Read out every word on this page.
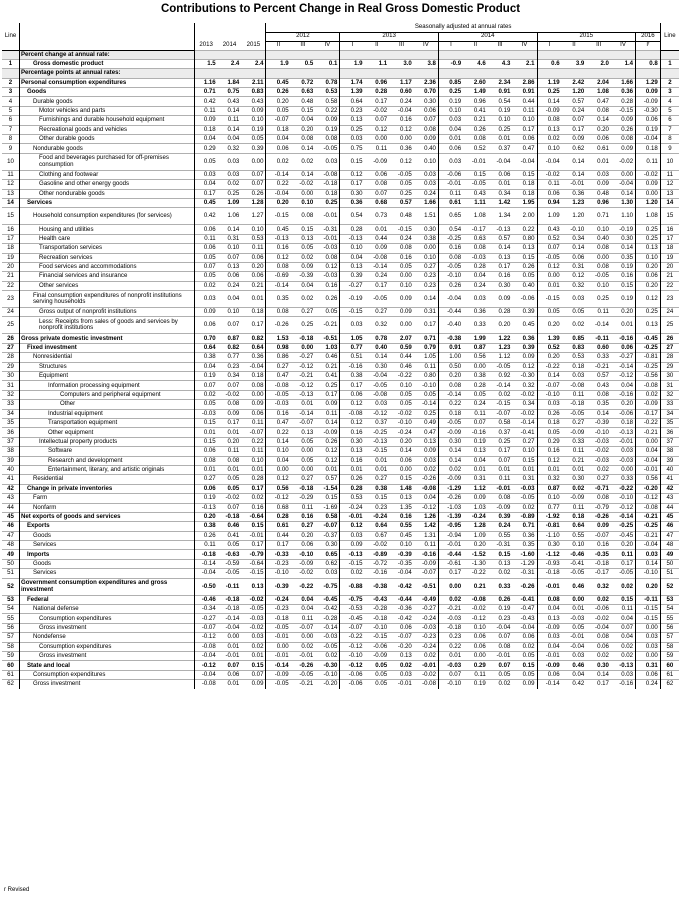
Contributions to Percent Change in Real Gross Domestic Product
Line					Seasonally adjusted at annual rates																Line
					2012			2013				2014				2015				2016	
		2013	2014	2015	II	III	IV	I	II	III	IV	I	II	III	IV	I	II	III	IV	Iʳ	
	Percent change at annual rate:																				
1	Gross domestic product	1.5	2.4	2.4	1.9	0.5	0.1	1.9	1.1	3.0	3.8	-0.9	4.6	4.3	2.1	0.6	3.9	2.0	1.4	0.8	1
	Percentage points at annual rates:																				
2	Personal consumption expenditures	1.16	1.84	2.11	0.45	0.72	0.78	1.74	0.96	1.17	2.36	0.85	2.60	2.34	2.86	1.19	2.42	2.04	1.66	1.29	2
3	Goods	0.71	0.75	0.83	0.26	0.63	0.53	1.39	0.28	0.60	0.70	0.25	1.49	0.91	0.91	0.25	1.20	1.08	0.36	0.09	3
4	Durable goods	0.42	0.43	0.43	0.20	0.48	0.58	0.64	0.17	0.24	0.30	0.19	0.96	0.54	0.44	0.14	0.57	0.47	0.28	-0.09	4
5	Motor vehicles and parts	0.11	0.14	0.09	0.05	0.15	0.22	0.23	-0.02	-0.04	0.06	0.10	0.41	0.19	0.11	-0.09	0.24	0.08	-0.15	-0.30	5
6	Furnishings and durable household equipment	0.09	0.11	0.10	-0.07	0.04	0.09	0.13	0.07	0.16	0.07	0.03	0.21	0.10	0.10	0.08	0.07	0.14	0.09	0.06	6
7	Recreational goods and vehicles	0.18	0.14	0.19	0.18	0.20	0.19	0.25	0.12	0.12	0.08	0.04	0.26	0.25	0.17	0.13	0.17	0.20	0.26	0.19	7
8	Other durable goods	0.04	0.04	0.05	0.04	0.08	0.08	0.03	0.00	0.00	0.09	0.01	0.08	0.01	0.06	0.02	0.09	0.06	0.08	-0.04	8
9	Nondurable goods	0.29	0.32	0.39	0.06	0.14	-0.05	0.75	0.11	0.36	0.40	0.06	0.52	0.37	0.47	0.10	0.62	0.61	0.09	0.18	9
10	Food and beverages purchased for off-premises consumption	0.05	0.03	0.00	0.02	0.02	0.03	0.15	-0.09	0.12	0.10	0.03	-0.01	-0.04	-0.04	-0.04	0.14	0.01	-0.02	0.11	10
11	Clothing and footwear	0.03	0.03	0.07	-0.14	0.14	-0.08	0.12	0.06	-0.05	0.03	-0.06	0.15	0.06	0.15	-0.02	0.14	0.03	0.00	-0.02	11
12	Gasoline and other energy goods	0.04	0.02	0.07	0.22	-0.02	-0.18	0.17	0.08	0.05	0.03	-0.01	-0.05	0.01	0.18	0.11	-0.01	0.09	-0.04	0.09	12
13	Other nondurable goods	0.17	0.25	0.26	-0.04	0.00	0.18	0.30	0.07	0.25	0.24	0.11	0.43	0.34	0.18	0.06	0.36	0.48	0.14	0.00	13
14	Services	0.45	1.09	1.28	0.20	0.10	0.25	0.36	0.68	0.57	1.66	0.61	1.11	1.42	1.95	0.94	1.23	0.96	1.30	1.20	14
15	Household consumption expenditures (for services)	0.42	1.06	1.27	-0.15	0.08	-0.01	0.54	0.73	0.48	1.51	0.65	1.08	1.34	2.00	1.09	1.20	0.71	1.10	1.08	15
16	Housing and utilities	0.06	0.14	0.10	0.45	0.15	-0.31	0.28	0.01	-0.15	0.30	0.54	-0.17	-0.13	0.22	0.43	-0.10	0.10	-0.19	0.25	16
17	Health care	0.11	0.31	0.53	-0.13	0.13	-0.01	-0.13	0.44	0.24	0.38	-0.25	0.63	0.57	0.80	0.52	0.34	0.40	0.30	0.25	17
18	Transportation services	0.06	0.10	0.11	0.16	0.05	-0.03	0.10	0.09	0.08	0.00	0.16	0.08	0.14	0.13	0.07	0.14	0.08	0.14	0.13	18
19	Recreation services	0.05	0.07	0.06	0.12	0.02	0.08	0.04	-0.08	0.16	0.10	0.08	-0.03	0.13	0.15	-0.05	0.06	0.00	0.35	0.10	19
20	Food services and accommodations	0.07	0.13	0.20	0.08	0.09	0.12	0.13	-0.14	0.05	0.27	-0.05	0.28	0.17	0.26	0.12	0.31	0.08	0.19	0.20	20
21	Financial services and insurance	0.05	0.06	0.06	-0.69	-0.39	-0.03	0.39	0.24	0.00	0.23	-0.10	0.04	0.16	0.05	0.00	0.12	-0.05	0.16	0.06	21
22	Other services	0.02	0.24	0.21	-0.14	0.04	0.16	-0.27	0.17	0.10	0.23	0.26	0.24	0.30	0.40	0.01	0.32	0.10	0.15	0.20	22
23	Final consumption expenditures of nonprofit institutions serving households	0.03	0.04	0.01	0.35	0.02	0.26	-0.19	-0.05	0.09	0.14	-0.04	0.03	0.09	-0.06	-0.15	0.03	0.25	0.19	0.12	23
24	Gross output of nonprofit institutions	0.09	0.10	0.18	0.08	0.27	0.05	-0.15	0.27	0.09	0.31	-0.44	0.36	0.28	0.39	0.05	0.05	0.11	0.20	0.25	24
25	Less: Receipts from sales of goods and services by nonprofit institutions	0.06	0.07	0.17	-0.26	0.25	-0.21	0.03	0.32	0.00	0.17	-0.40	0.33	0.20	0.45	0.20	0.02	-0.14	0.01	0.13	25
26	Gross private domestic investment	0.70	0.87	0.82	1.53	-0.18	-0.51	1.05	0.78	2.07	0.71	-0.38	1.99	1.22	0.36	1.39	0.85	-0.11	-0.16	-0.45	26
27	Fixed investment	0.64	0.82	0.64	0.98	0.00	1.03	0.77	0.40	0.59	0.79	0.91	0.87	1.23	0.39	0.52	0.83	0.60	0.06	-0.25	27
28	Nonresidential	0.38	0.77	0.36	0.86	-0.27	0.46	0.51	0.14	0.44	1.05	1.00	0.56	1.12	0.09	0.20	0.53	0.33	-0.27	-0.81	28
29	Structures	0.04	0.23	-0.04	0.27	-0.12	0.21	-0.16	0.30	0.46	0.11	0.50	0.00	-0.05	0.12	-0.22	0.18	-0.21	-0.14	-0.25	29
30	Equipment	0.19	0.34	0.18	0.47	-0.21	0.41	0.38	-0.04	-0.22	0.80	0.20	0.38	0.92	-0.30	0.14	0.03	0.57	-0.12	-0.56	30
31	Information processing equipment	0.07	0.07	0.08	-0.08	-0.12	0.25	0.17	-0.05	0.10	-0.10	0.08	0.28	-0.14	0.32	-0.07	-0.08	0.43	0.04	-0.08	31
32	Computers and peripheral equipment	0.02	-0.02	0.00	-0.05	-0.13	0.17	0.06	-0.08	0.05	0.05	-0.14	0.05	0.02	-0.02	-0.10	0.11	0.08	-0.16	0.02	32
33	Other	0.05	0.08	0.09	-0.03	0.01	0.09	0.12	0.03	0.05	-0.14	0.22	0.24	-0.15	0.34	0.03	-0.18	0.35	0.20	-0.09	33
34	Industrial equipment	-0.03	0.09	0.06	0.16	-0.14	0.11	-0.08	-0.12	-0.02	0.25	0.18	0.11	-0.07	-0.02	0.26	-0.05	0.14	-0.06	-0.17	34
35	Transportation equipment	0.15	0.17	0.11	0.47	-0.07	0.14	0.12	0.37	-0.10	0.49	-0.05	0.07	0.58	-0.14	0.18	0.27	-0.39	0.18	-0.22	35
36	Other equipment	0.01	0.01	-0.07	0.22	0.13	-0.09	0.16	-0.25	-0.24	0.47	-0.09	-0.16	0.37	-0.41	0.05	-0.09	-0.10	-0.13	-0.21	36
37	Intellectual property products	0.15	0.20	0.22	0.14	0.05	0.26	0.30	-0.13	0.20	0.13	0.30	0.19	0.25	0.27	0.29	0.33	-0.03	-0.01	0.00	37
38	Software	0.06	0.11	0.11	0.10	0.00	0.12	0.13	-0.15	0.14	0.09	0.14	0.13	0.17	0.10	0.16	0.11	-0.02	0.03	0.04	38
39	Research and development	0.08	0.08	0.10	0.04	0.05	0.12	0.16	0.01	0.06	0.03	0.14	0.04	0.07	0.15	0.12	0.21	-0.03	-0.03	-0.04	39
40	Entertainment, literary, and artistic originals	0.01	0.01	0.01	0.00	0.00	0.01	0.01	0.01	0.00	0.02	0.02	0.01	0.01	0.01	0.01	0.01	0.02	0.00	-0.01	40
41	Residential	0.27	0.05	0.28	0.12	0.27	0.57	0.26	0.27	0.15	-0.26	-0.09	0.31	0.11	0.31	0.32	0.30	0.27	0.33	0.56	41
42	Change in private inventories	0.06	0.05	0.17	0.56	-0.18	-1.54	0.28	0.38	1.48	-0.08	-1.29	1.12	-0.01	-0.03	0.87	0.02	-0.71	-0.22	-0.20	42
43	Farm	0.19	-0.02	0.02	-0.12	-0.29	0.15	0.53	0.15	0.13	0.04	-0.26	0.09	0.08	-0.05	0.10	-0.09	0.08	-0.10	-0.12	43
44	Nonfarm	-0.13	0.07	0.16	0.68	0.11	-1.69	-0.24	0.23	1.35	-0.12	-1.03	1.03	-0.09	0.02	0.77	0.11	-0.79	-0.12	-0.08	44
45	Net exports of goods and services	0.20	-0.18	-0.64	0.28	0.16	0.58	-0.01	-0.24	0.16	1.26	-1.39	-0.24	0.39	-0.89	-1.92	0.18	-0.26	-0.14	-0.21	45
46	Exports	0.38	0.46	0.15	0.61	0.27	-0.07	0.12	0.64	0.55	1.42	-0.95	1.28	0.24	0.71	-0.81	0.64	0.09	-0.25	-0.25	46
47	Goods	0.26	0.41	-0.01	0.44	0.20	-0.37	0.03	0.67	0.45	1.31	-0.94	1.09	0.55	0.36	-1.10	0.55	-0.07	-0.45	-0.21	47
48	Services	0.11	0.05	0.17	0.17	0.06	0.30	0.09	-0.02	0.10	0.11	-0.01	0.20	-0.31	0.35	0.30	0.10	0.16	0.20	-0.04	48
49	Imports	-0.18	-0.63	-0.79	-0.33	-0.10	0.65	-0.13	-0.89	-0.39	-0.16	-0.44	-1.52	0.15	-1.60	-1.12	-0.46	-0.35	0.11	0.03	49
50	Goods	-0.14	-0.59	-0.64	-0.23	-0.09	0.62	-0.15	-0.72	-0.35	-0.09	-0.61	-1.30	0.13	-1.29	-0.93	-0.41	-0.18	0.17	0.14	50
51	Services	-0.04	-0.05	-0.15	-0.10	-0.02	0.03	0.02	-0.16	-0.04	-0.07	0.17	-0.22	0.02	-0.31	-0.18	-0.05	-0.17	-0.05	-0.10	51
52	Government consumption expenditures and gross investment	-0.50	-0.11	0.13	-0.39	-0.22	-0.75	-0.88	-0.38	-0.42	-0.51	0.00	0.21	0.33	-0.26	-0.01	0.46	0.32	0.02	0.20	52
53	Federal	-0.46	-0.18	-0.02	-0.24	0.04	-0.45	-0.75	-0.43	-0.44	-0.49	0.02	-0.08	0.26	-0.41	0.08	0.00	0.02	0.15	-0.11	53
54	National defense	-0.34	-0.18	-0.05	-0.23	0.04	-0.42	-0.53	-0.28	-0.36	-0.27	-0.21	-0.02	0.19	-0.47	0.04	0.01	-0.06	0.11	-0.15	54
55	Consumption expenditures	-0.27	-0.14	-0.03	-0.18	0.11	-0.28	-0.45	-0.18	-0.42	-0.24	-0.03	-0.12	0.23	-0.43	0.13	-0.03	-0.02	0.04	-0.15	55
56	Gross investment	-0.07	-0.04	-0.02	-0.05	-0.07	-0.14	-0.07	-0.10	0.06	-0.03	-0.18	0.10	-0.04	-0.04	-0.09	0.05	-0.04	0.07	0.00	56
57	Nondefense	-0.12	0.00	0.03	-0.01	0.00	-0.03	-0.22	-0.15	-0.07	-0.23	0.23	0.06	0.07	0.06	0.03	-0.01	0.08	0.04	0.03	57
58	Consumption expenditures	-0.08	0.01	0.02	0.00	0.02	-0.05	-0.12	-0.06	-0.20	-0.24	0.22	0.06	0.08	0.02	0.04	-0.04	0.06	0.02	0.03	58
59	Gross investment	-0.04	-0.01	0.01	-0.01	-0.01	0.02	-0.10	-0.09	0.13	0.02	0.01	0.00	-0.01	0.05	-0.01	0.03	0.02	0.02	0.00	59
60	State and local	-0.12	0.07	0.15	-0.14	-0.26	-0.30	-0.12	0.05	0.02	-0.01	-0.03	0.29	0.07	0.15	-0.09	0.46	0.30	-0.13	0.31	60
61	Consumption expenditures	-0.04	0.06	0.07	-0.09	-0.05	-0.10	-0.06	0.05	0.03	-0.02	0.07	0.11	0.05	0.05	0.06	0.04	0.14	0.03	0.06	61
62	Gross investment	-0.08	0.01	0.09	-0.05	-0.21	-0.20	-0.06	0.05	-0.01	-0.08	-0.10	0.19	0.02	0.09	-0.14	0.42	0.17	-0.16	0.24	62
r Revised
